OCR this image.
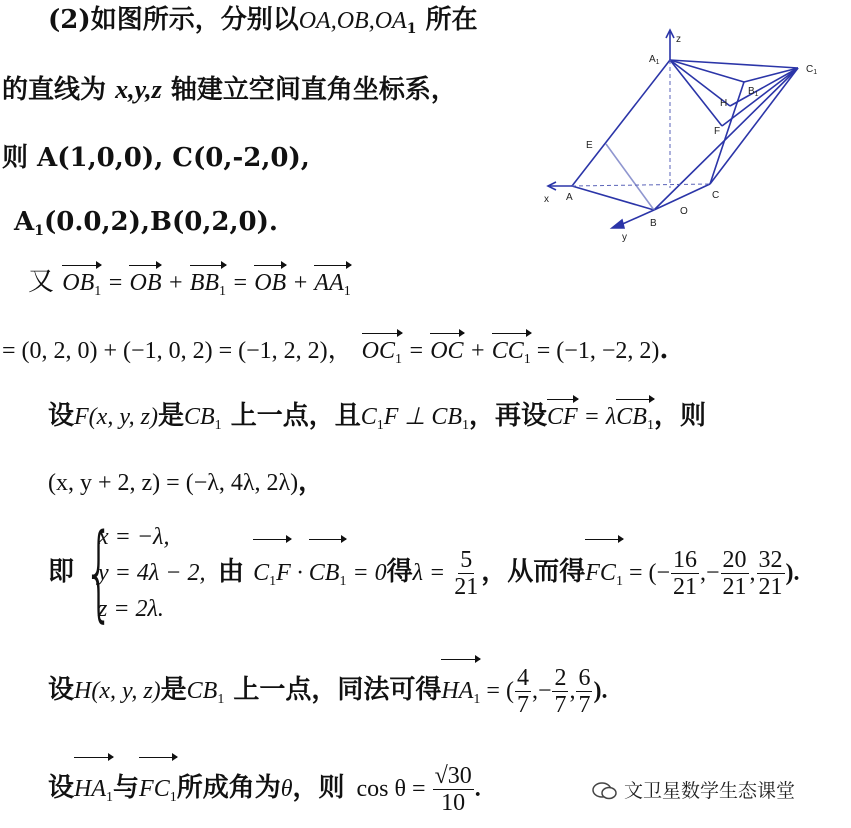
(2)如图所示，分别以$OA,OB,OA_1$ 所在
的直线为 x,y,z 轴建立空间直角坐标系，
则 A(1,0,0), C(0,-2,0),
$A_1(0.0,2),B(0,2,0)$.
又 $OB_1$ = OB + $BB_1$ = OB + $AA_1$
= (0, 2, 0) + (−1, 0, 2) = (−1, 2, 2)， $OC_1$ = OC + $CC_1 = (-1$, −2, 2).
设F(x, y, z)是$CB_1$ 上一点，且$C_1F$ ⊥ $CB_1$，再设CF = λCB$_1$，则
(x, y + 2, z) = (−λ, 4λ, 2λ)，
即 {
x = −λ,
y = 4λ − 2,
z = 2λ.
由 $C_1F \cdot CB_1 = 0$得$\lambda = \frac{5}{21}$ ，从而得$FC_1$ = (− $\frac{16}{21}$ ,− $\frac{20}{21}$ , $\frac{32}{21}$ ).
设H(x, y, z)是$CB_1$ 上一点，同法可得$HA_1$ = ( $\frac{4}{7}$ ,− $\frac{2}{7}$ , $\frac{6}{7}$ ).
设$HA_1$与$FC_1$所成角为θ，则 $\cos \theta = \frac{√30}{10}$ .	文卫星数学生态课堂
$A_1$
z
$C_1$
$B_1$
H
F
E
C
O
A
x
B
y
